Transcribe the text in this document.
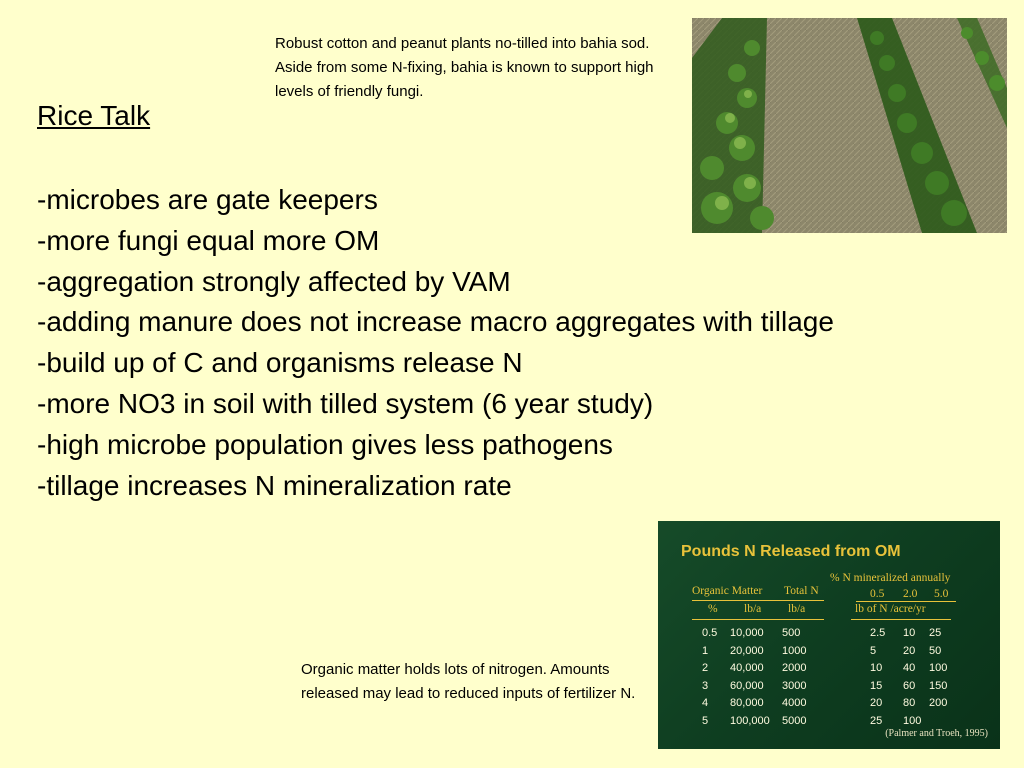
Rice Talk
-microbes are gate keepers
-more fungi equal more OM
-aggregation strongly affected by VAM
-adding manure does not increase macro aggregates with tillage
-build up of C and organisms release N
-more NO3 in soil with tilled system (6 year study)
-high microbe population gives less pathogens
-tillage increases N mineralization rate
Robust cotton and peanut plants no-tilled into bahia sod. Aside from some N-fixing, bahia is known to support high levels of friendly fungi.
Pounds N Released from OM
% N mineralized annually
Organic Matter Total N	0.5 2.0 5.0
% lb/a lb/a	lb of N /acre/yr
0.5 10,000 500	2.5 10 25
1 20,000 1000	5 20 50
2 40,000 2000	10 40 100
3 60,000 3000	15 60 150
4 80,000 4000	20 80 200
5 100,000 5000	25 100
(Palmer and Troeh, 1995)
Organic matter holds lots of nitrogen. Amounts released may lead to reduced inputs of fertilizer N.
